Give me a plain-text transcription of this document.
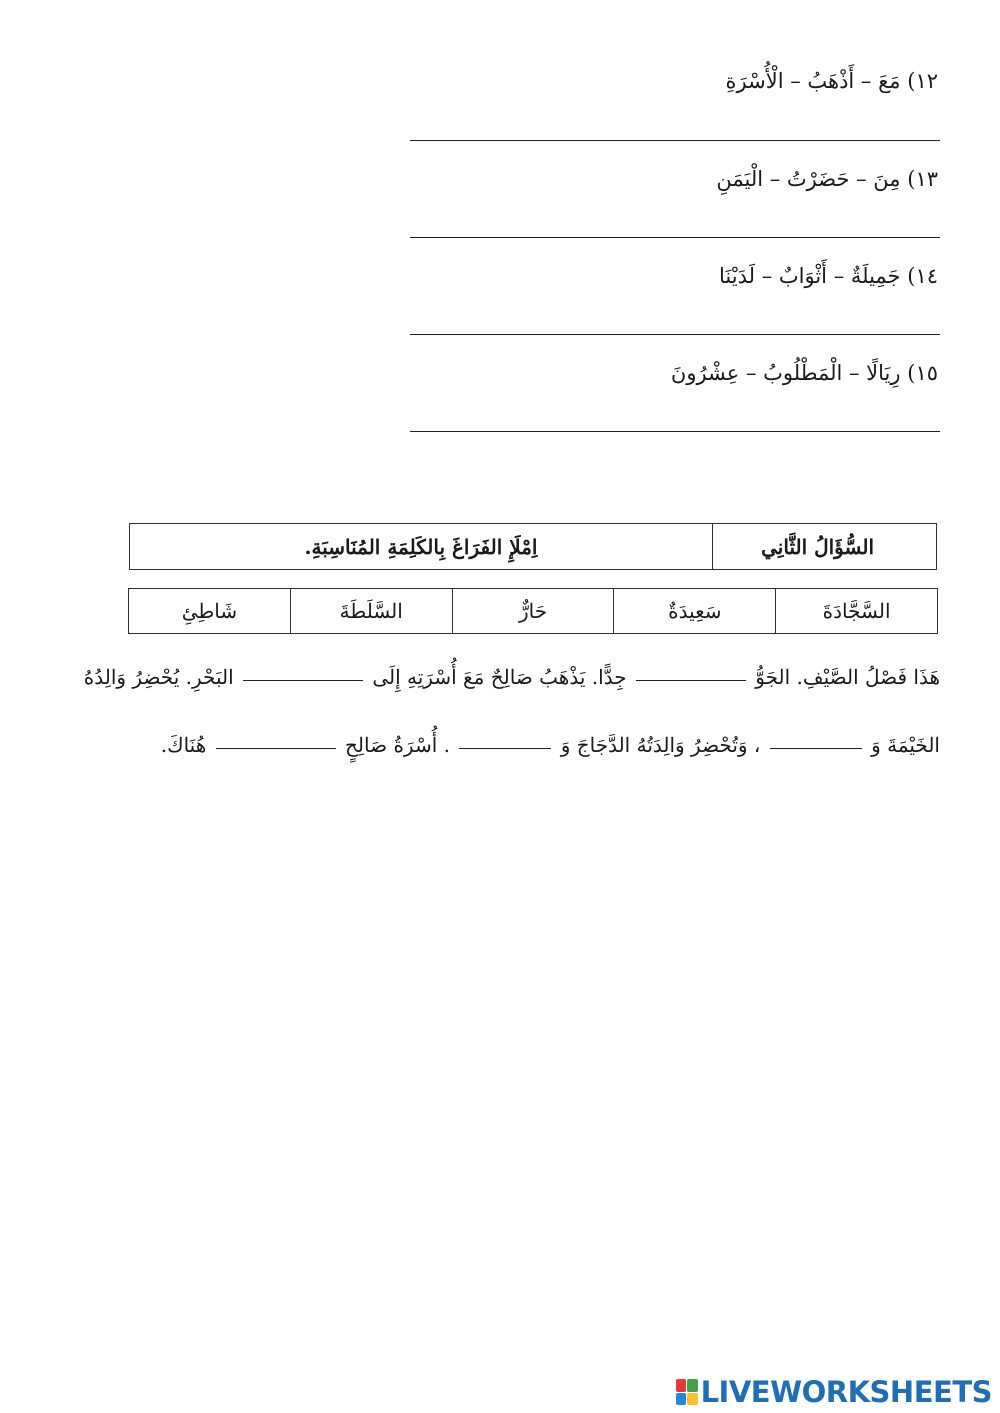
١٢) مَعَ – أَذْهَبُ – الْأُسْرَةِ
١٣) مِنَ – حَضَرْتُ – الْيَمَنِ
١٤) جَمِيلَةٌ – أَثْوَابٌ – لَدَيْنَا
١٥) رِيَالًا – الْمَطْلُوبُ – عِشْرُونَ
السُّؤَالُ الثَّانِي
اِمْلَإِ الفَرَاغَ بِالكَلِمَةِ المُنَاسِبَةِ.
السَّجَّادَةَ
سَعِيدَةٌ
حَارٌّ
السَّلَطَةَ
شَاطِئِ
هَذَا فَصْلُ الصَّيْفِ. الجَوُّ  جِدًّا. يَذْهَبُ صَالِحٌ مَعَ أُسْرَتِهِ إِلَى  البَحْرِ. يُحْضِرُ وَالِدُهُ
الخَيْمَةَ وَ  ، وَتُحْضِرُ وَالِدَتُهُ الدَّجَاجَ وَ  . أُسْرَةُ صَالِحٍ  هُنَاكَ.
LIVEWORKSHEETS
